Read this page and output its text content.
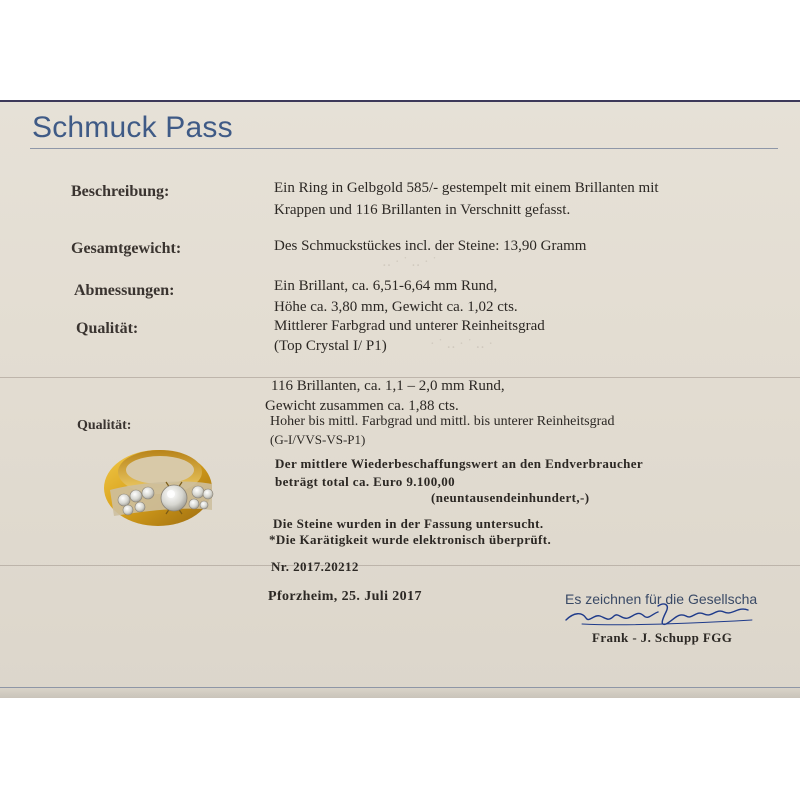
Schmuck Pass
‥ · ˙ ‥ · ˙
· ˙ ‥ · ˙ ‥ ·
Beschreibung:	Ein Ring in Gelbgold 585/- gestempelt mit einem Brillanten mit
Krappen und 116 Brillanten in Verschnitt gefasst.
Gesamtgewicht:	Des Schmuckstückes incl. der Steine: 13,90 Gramm
Abmessungen:	Ein Brillant, ca. 6,51-6,64 mm Rund,
Höhe ca. 3,80 mm, Gewicht ca. 1,02 cts.
Qualität:	Mittlerer Farbgrad und unterer Reinheitsgrad
(Top Crystal I/ P1)
116 Brillanten, ca. 1,1 – 2,0 mm Rund,
Gewicht zusammen ca. 1,88 cts.
Qualität:	Hoher bis mittl. Farbgrad und mittl. bis unterer Reinheitsgrad
(G-I/VVS-VS-P1)
Der mittlere Wiederbeschaffungswert an den Endverbraucher
beträgt total ca. Euro 9.100,00
(neuntausendeinhundert,-)
Die Steine wurden in der Fassung untersucht.
*Die Karätigkeit wurde elektronisch überprüft.
Nr. 2017.20212
Pforzheim, 25. Juli 2017	Es zeichnen für die Gesellscha
Frank - J. Schupp FGG
